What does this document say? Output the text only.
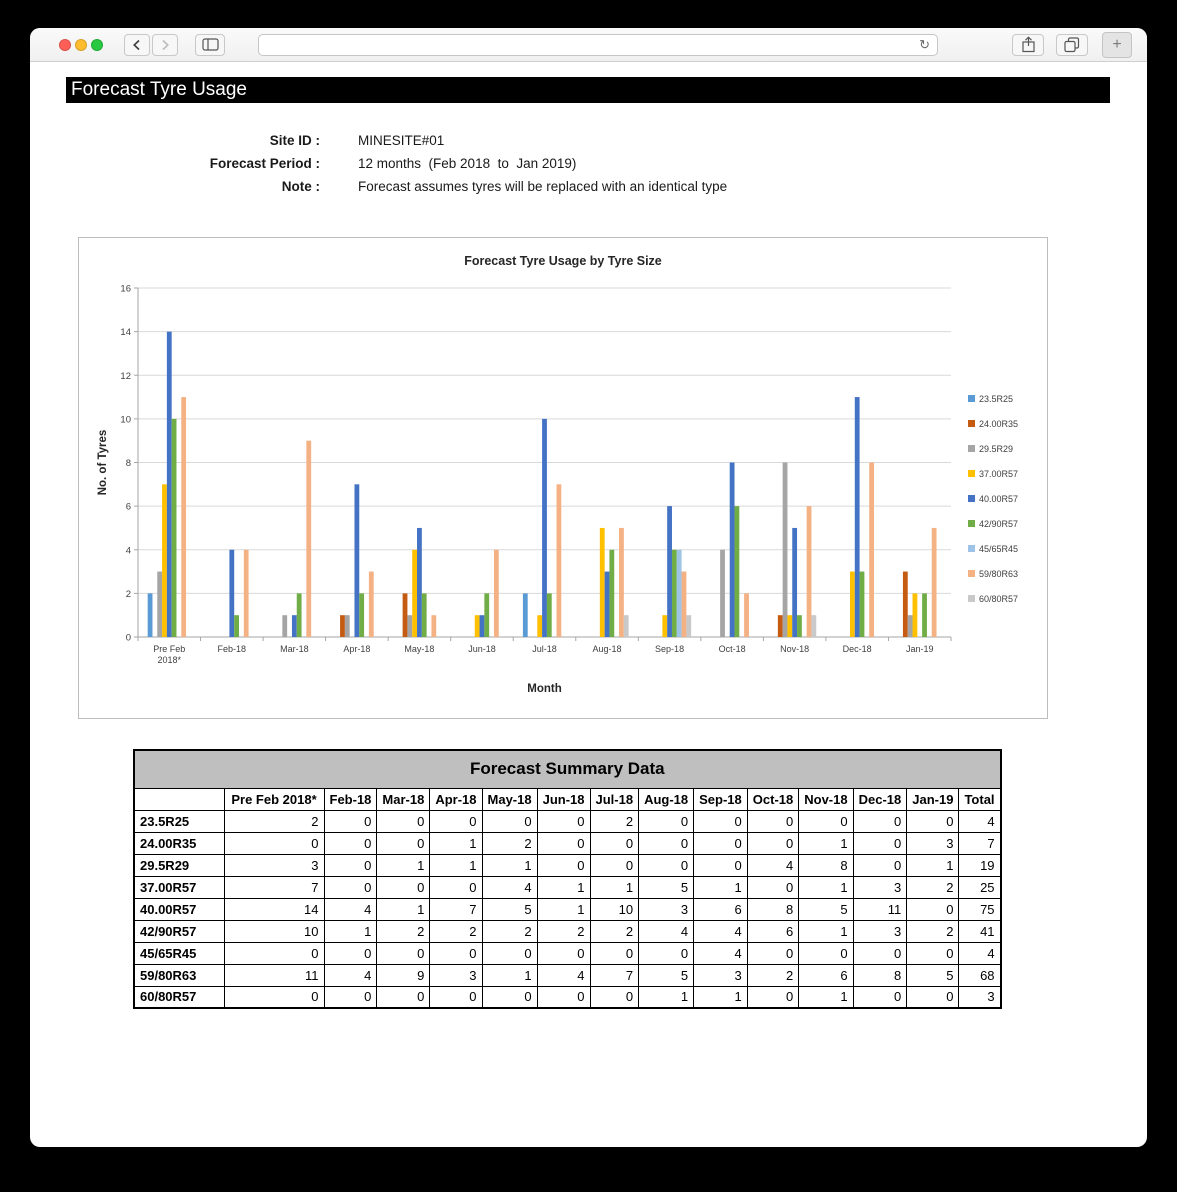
↻	+
Forecast Tyre Usage
Site ID :	MINESITE#01
Forecast Period :	12 months  (Feb 2018  to  Jan 2019)
Note :	Forecast assumes tyres will be replaced with an identical type
Forecast Tyre Usage by Tyre Size
0
2
4
6
8
10
12
14
16
Pre Feb
2018*
Feb-18	Mar-18	Apr-18	May-18	Jun-18	Jul-18	Aug-18	Sep-18	Oct-18	Nov-18	Dec-18	Jan-19
Month
No. of Tyres
23.5R25
24.00R35
29.5R29
37.00R57
40.00R57
42/90R57
45/65R45
59/80R63
60/80R57
Forecast Summary Data														
	Pre Feb 2018*	Feb-18	Mar-18	Apr-18	May-18	Jun-18	Jul-18	Aug-18	Sep-18	Oct-18	Nov-18	Dec-18	Jan-19	Total
23.5R25	2	0	0	0	0	0	2	0	0	0	0	0	0	4
24.00R35	0	0	0	1	2	0	0	0	0	0	1	0	3	7
29.5R29	3	0	1	1	1	0	0	0	0	4	8	0	1	19
37.00R57	7	0	0	0	4	1	1	5	1	0	1	3	2	25
40.00R57	14	4	1	7	5	1	10	3	6	8	5	11	0	75
42/90R57	10	1	2	2	2	2	2	4	4	6	1	3	2	41
45/65R45	0	0	0	0	0	0	0	0	4	0	0	0	0	4
59/80R63	11	4	9	3	1	4	7	5	3	2	6	8	5	68
60/80R57	0	0	0	0	0	0	0	1	1	0	1	0	0	3
